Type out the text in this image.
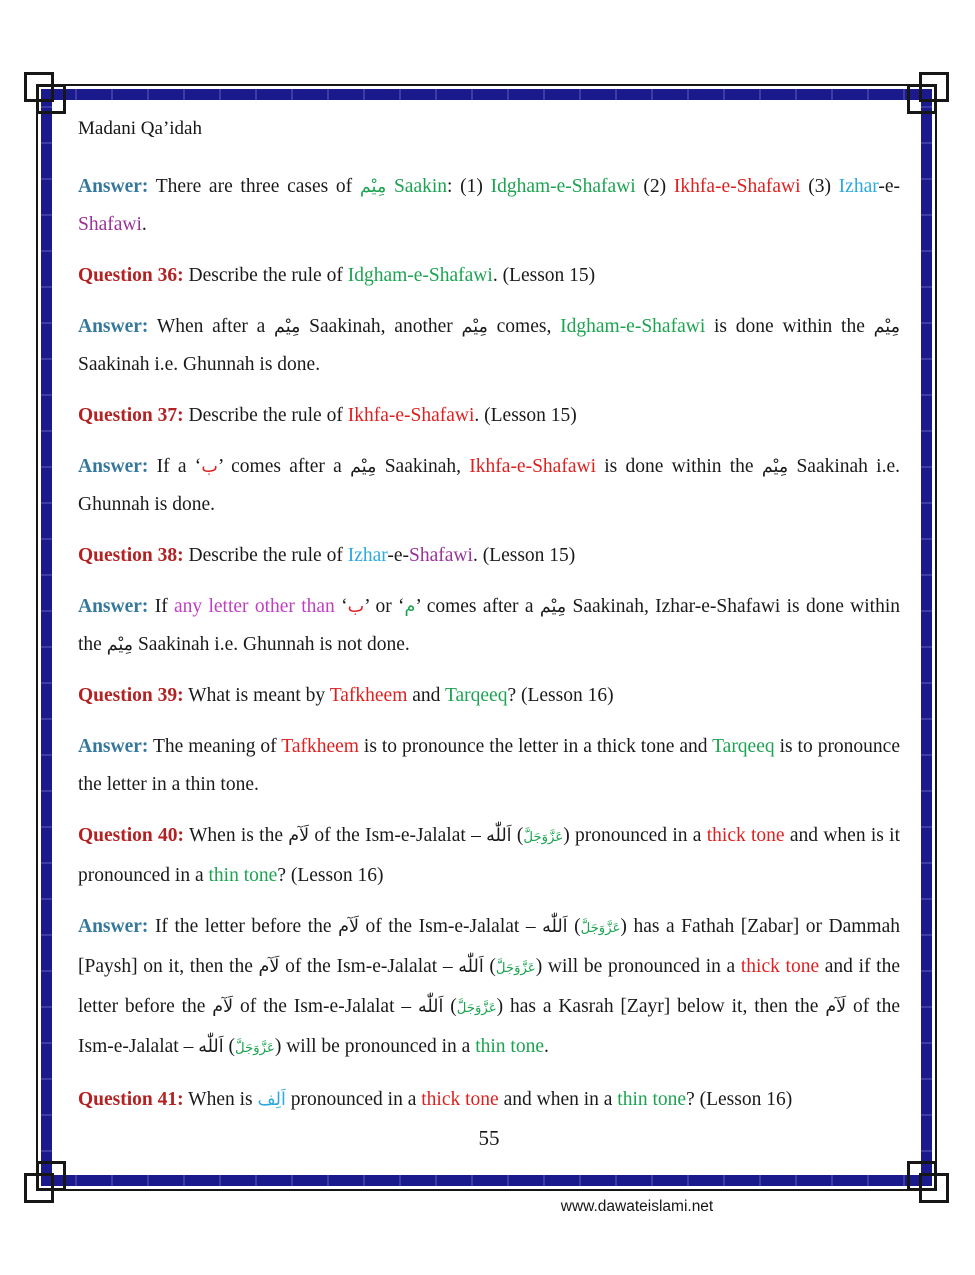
Madani Qa’idah

Answer: There are three cases of مِيْم Saakin: (1) Idgham-e-Shafawi (2) Ikhfa-e-Shafawi (3) Izhar-e-Shafawi.

Question 36: Describe the rule of Idgham-e-Shafawi. (Lesson 15)

Answer: When after a مِيْم Saakinah, another مِيْم comes, Idgham-e-Shafawi is done within the مِيْم Saakinah i.e. Ghunnah is done.

Question 37: Describe the rule of Ikhfa-e-Shafawi. (Lesson 15)

Answer: If a ‘ب’ comes after a مِيْم Saakinah, Ikhfa-e-Shafawi is done within the مِيْم Saakinah i.e. Ghunnah is done.

Question 38: Describe the rule of Izhar-e-Shafawi. (Lesson 15)

Answer: If any letter other than ‘ب’ or ‘م’ comes after a مِيْم Saakinah, Izhar-e-Shafawi is done within the مِيْم Saakinah i.e. Ghunnah is not done.

Question 39: What is meant by Tafkheem and Tarqeeq? (Lesson 16)

Answer: The meaning of Tafkheem is to pronounce the letter in a thick tone and Tarqeeq is to pronounce the letter in a thin tone.

Question 40: When is the لَآم of the Ism-e-Jalalat – اَللّٰه (عَزَّوَجَلَّ) pronounced in a thick tone and when is it pronounced in a thin tone? (Lesson 16)

Answer: If the letter before the لَآم of the Ism-e-Jalalat – اَللّٰه (عَزَّوَجَلَّ) has a Fathah [Zabar] or Dammah [Paysh] on it, then the لَآم of the Ism-e-Jalalat – اَللّٰه (عَزَّوَجَلَّ) will be pronounced in a thick tone and if the letter before the لَآم of the Ism-e-Jalalat – اَللّٰه (عَزَّوَجَلَّ) has a Kasrah [Zayr] below it, then the لَآم of the Ism-e-Jalalat – اَللّٰه (عَزَّوَجَلَّ) will be pronounced in a thin tone.

Question 41: When is اَلِف pronounced in a thick tone and when in a thin tone? (Lesson 16)

55
www.dawateislami.net
